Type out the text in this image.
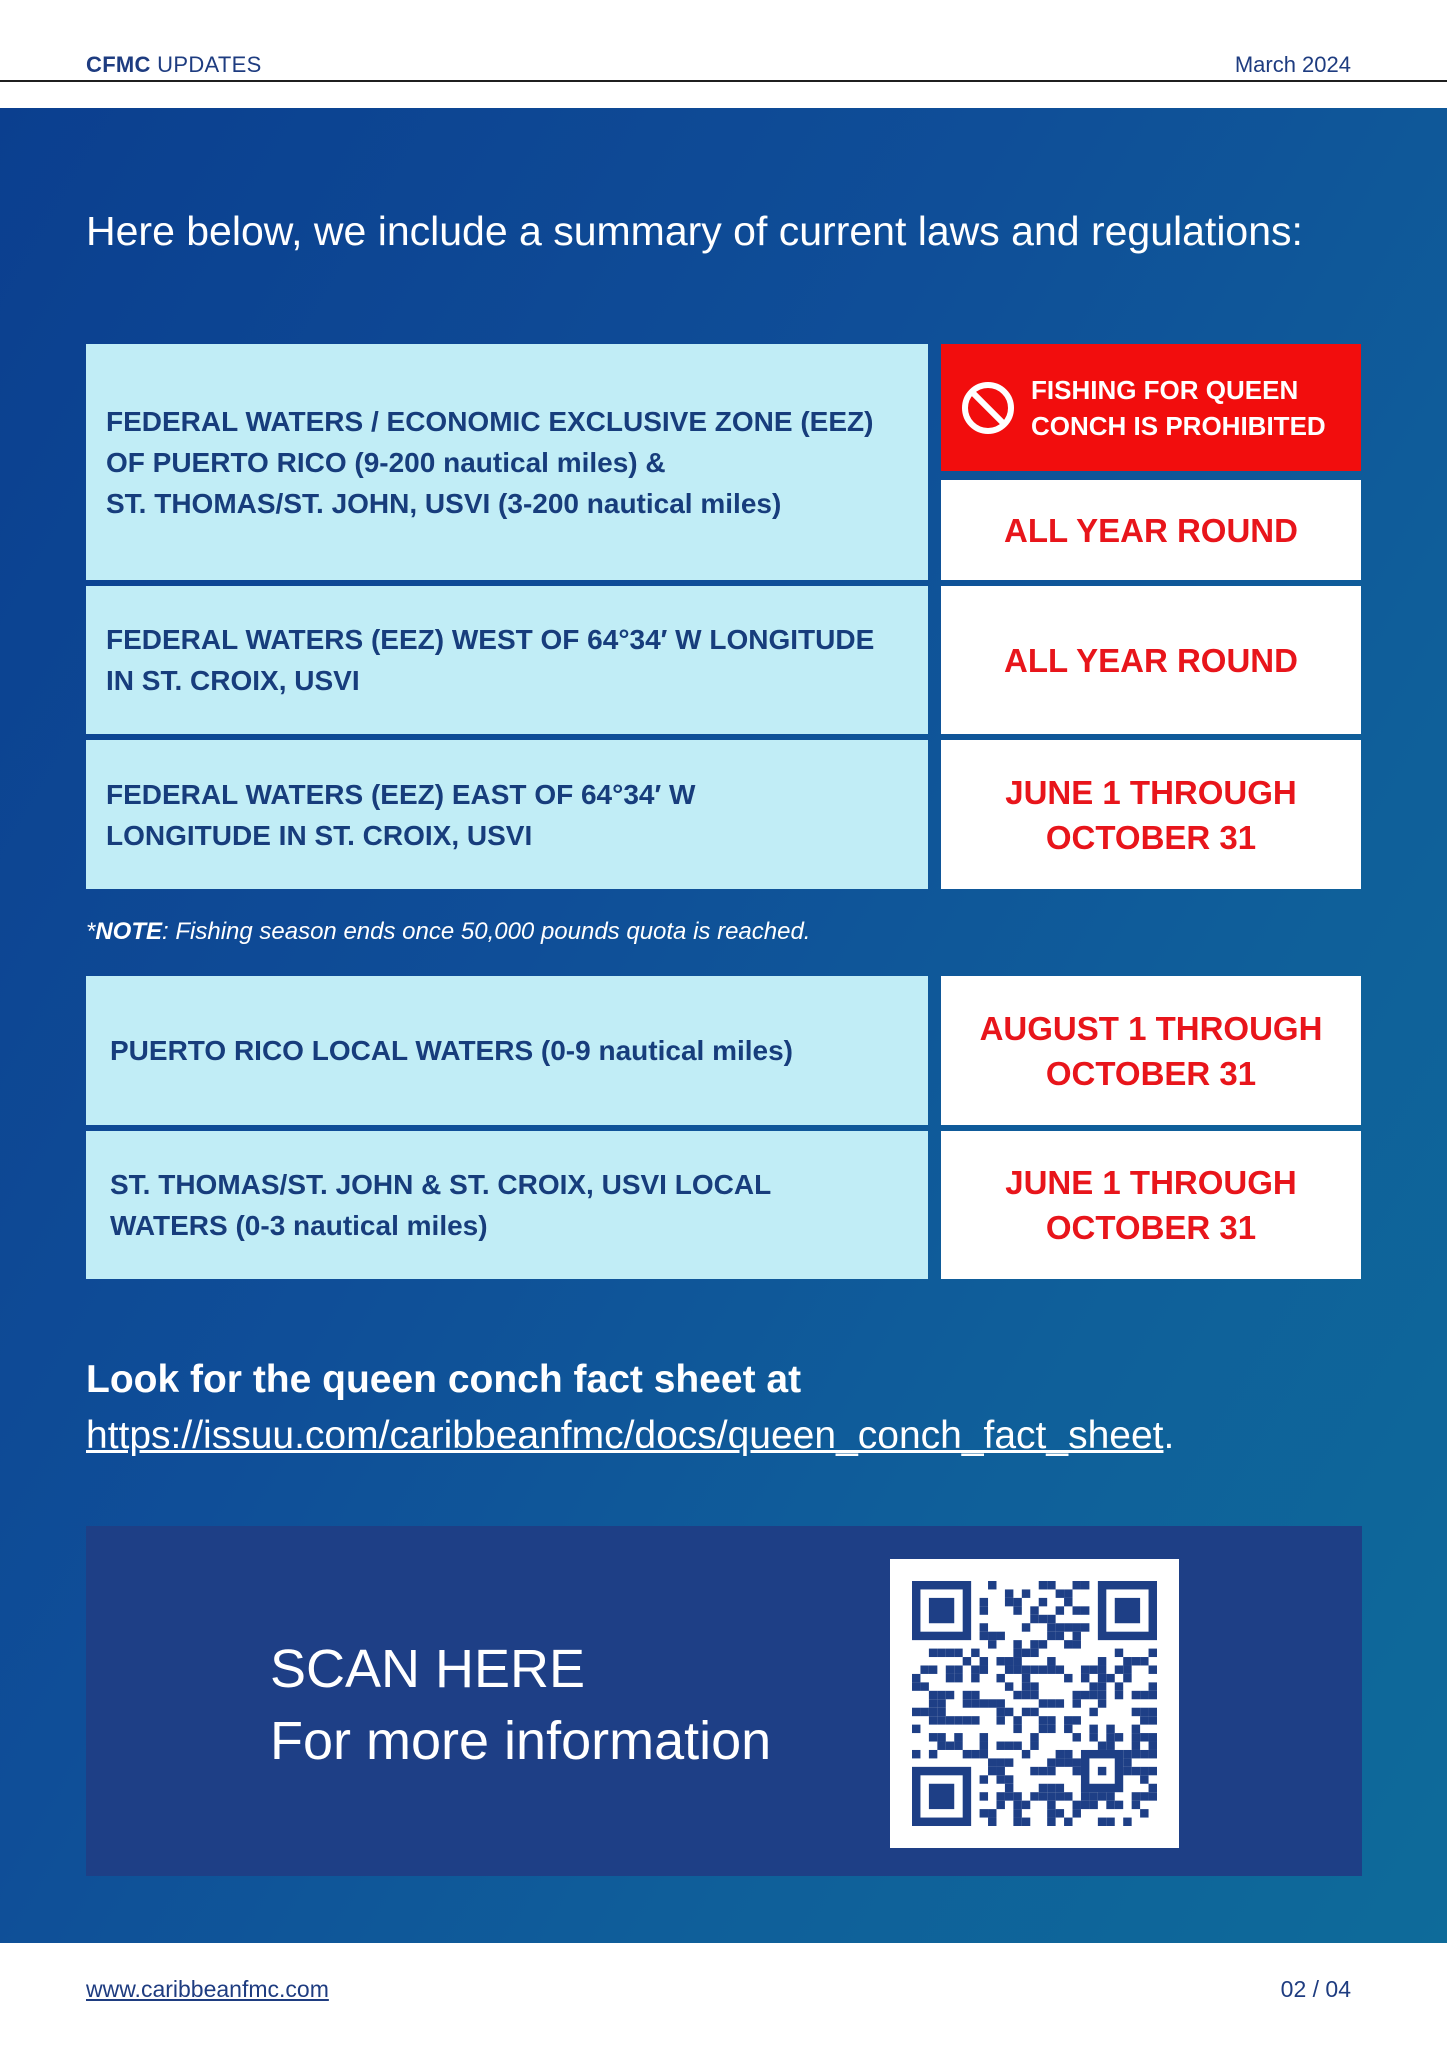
CFMC UPDATES	March 2024
Here below, we include a summary of current laws and regulations:
FEDERAL WATERS / ECONOMIC EXCLUSIVE ZONE (EEZ)
OF PUERTO RICO (9-200 nautical miles) &
ST. THOMAS/ST. JOHN, USVI (3-200 nautical miles)
FISHING FOR QUEEN
CONCH IS PROHIBITED
ALL YEAR ROUND
FEDERAL WATERS (EEZ) WEST OF 64°34′ W LONGITUDE
IN ST. CROIX, USVI
ALL YEAR ROUND
FEDERAL WATERS (EEZ) EAST OF 64°34′ W
LONGITUDE IN ST. CROIX, USVI
JUNE 1 THROUGH
OCTOBER 31
*NOTE: Fishing season ends once 50,000 pounds quota is reached.
PUERTO RICO LOCAL WATERS (0-9 nautical miles)
AUGUST 1 THROUGH
OCTOBER 31
ST. THOMAS/ST. JOHN & ST. CROIX, USVI LOCAL
WATERS (0-3 nautical miles)
JUNE 1 THROUGH
OCTOBER 31
Look for the queen conch fact sheet at
https://issuu.com/caribbeanfmc/docs/queen_conch_fact_sheet.
SCAN HERE
For more information
www.caribbeanfmc.com	02 / 04
